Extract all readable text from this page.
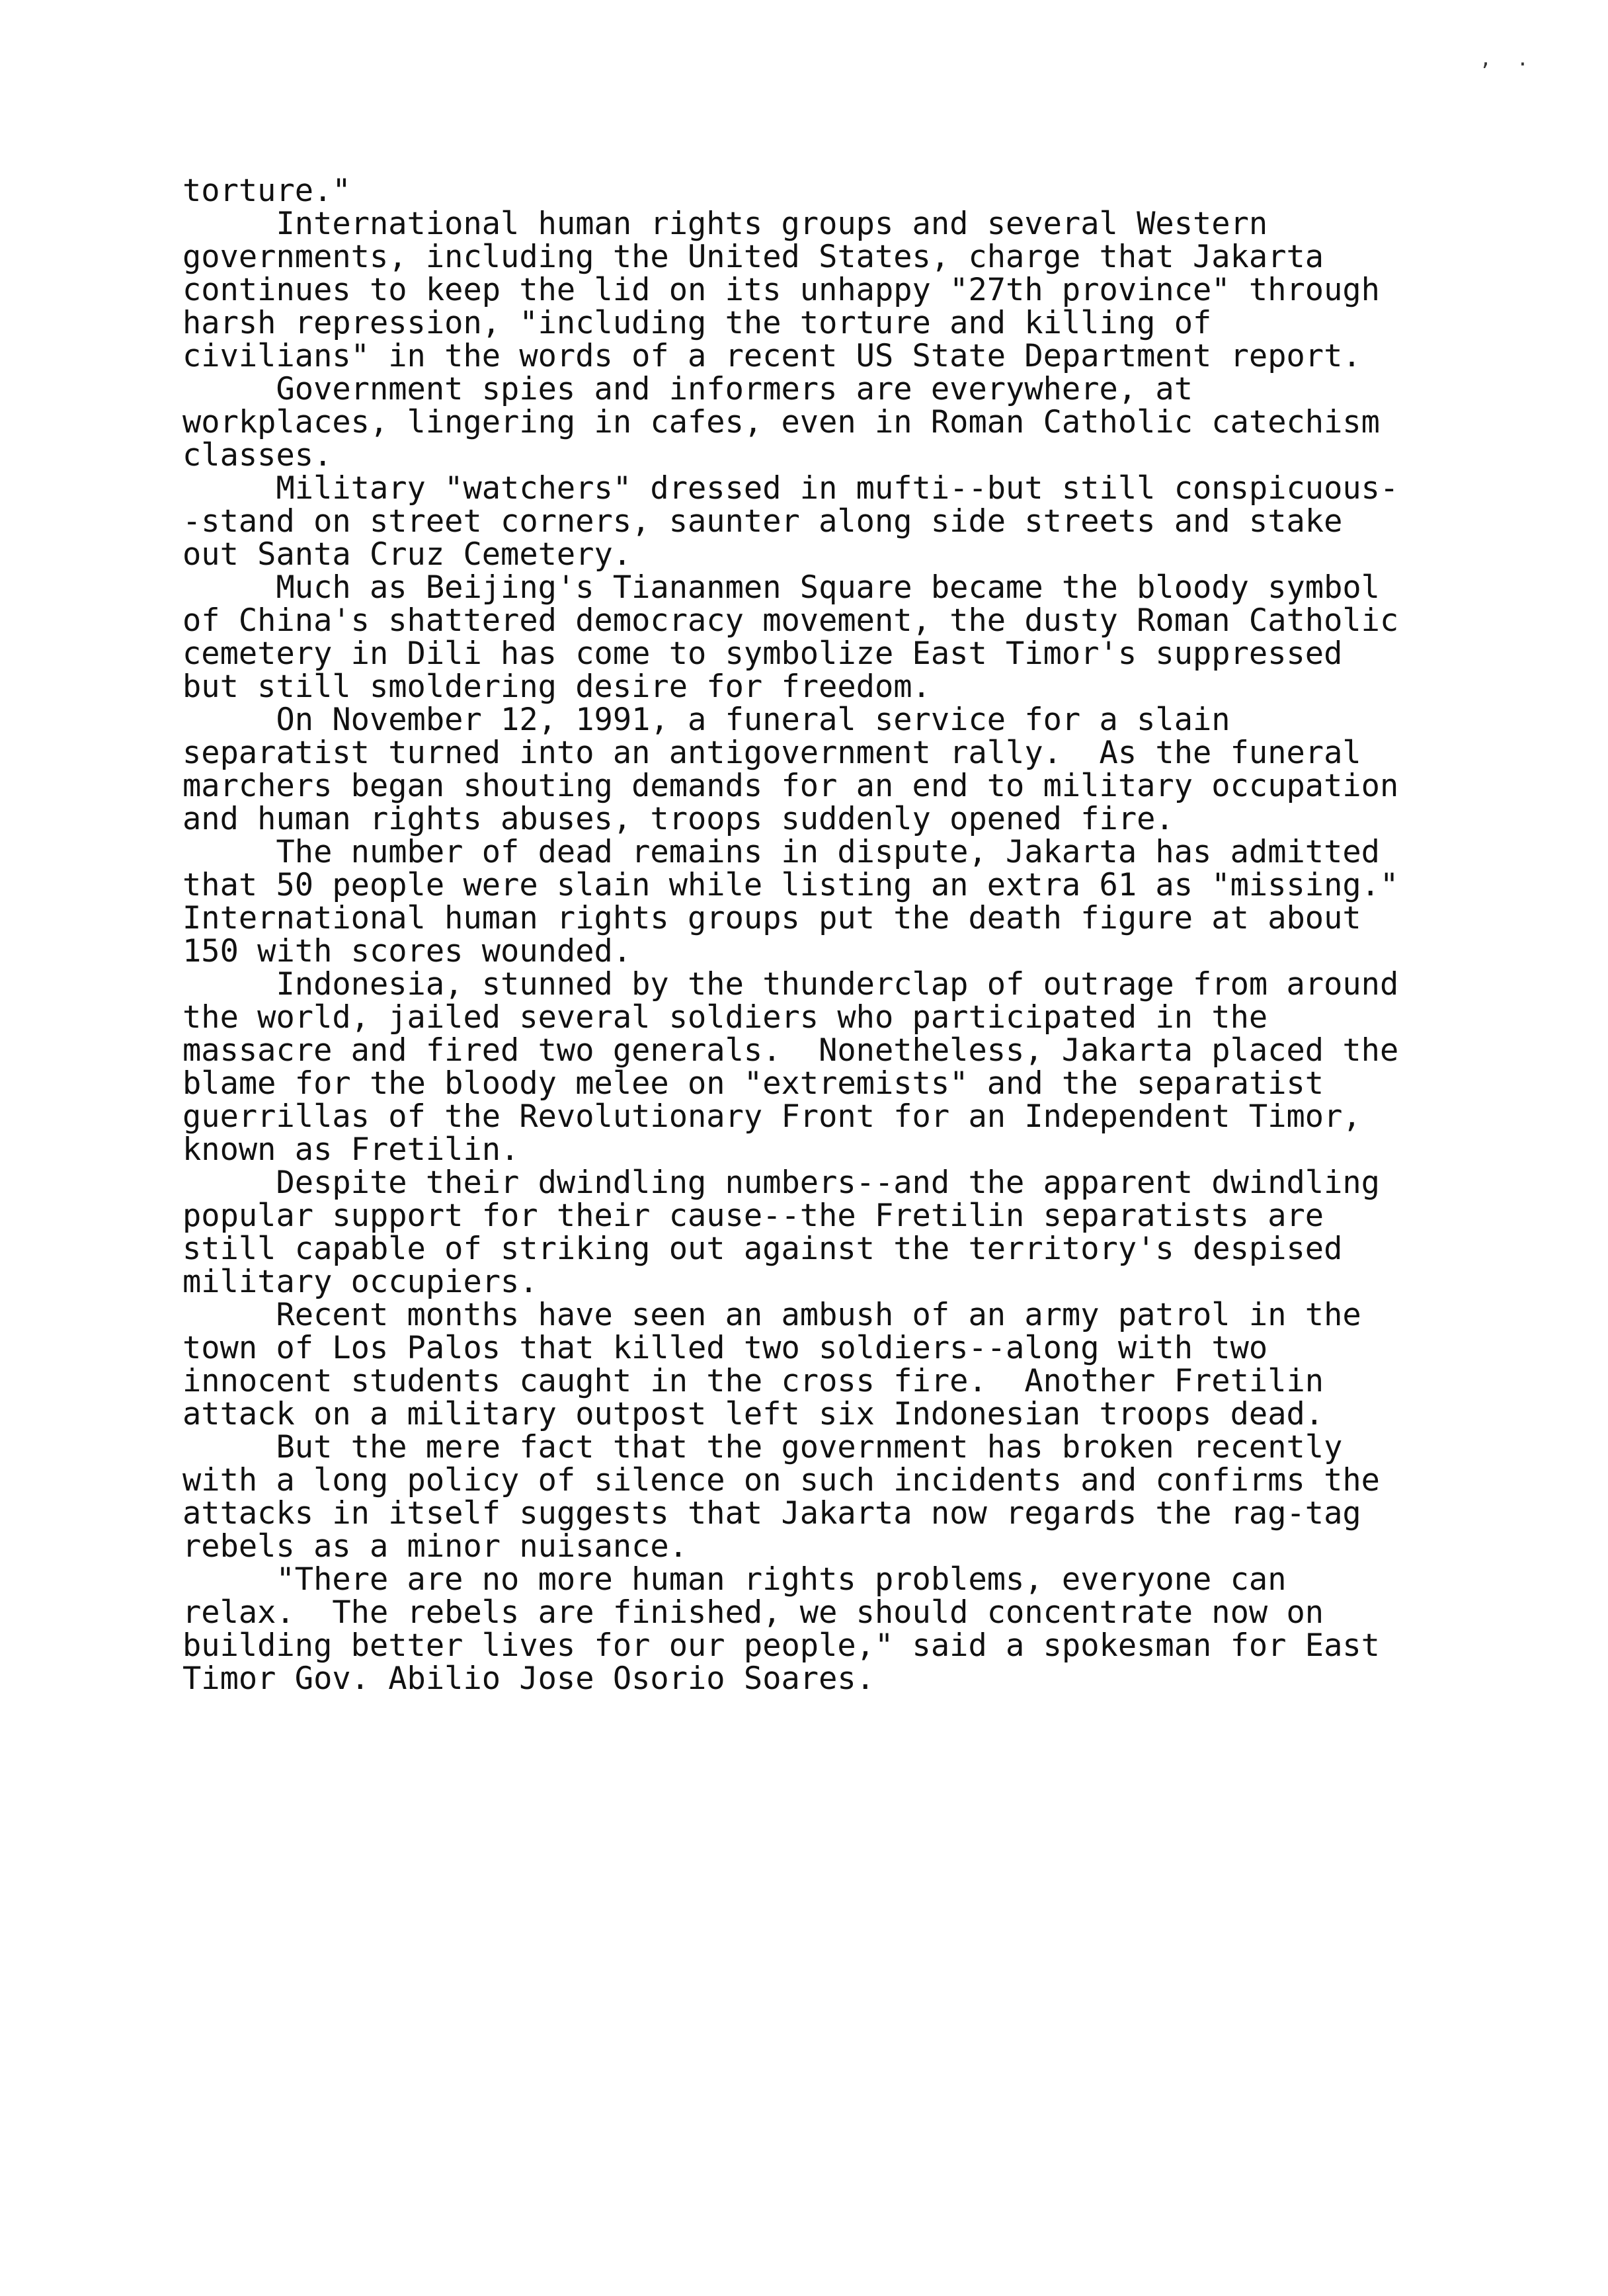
, .
torture."
International human rights groups and several Western
governments, including the United States, charge that Jakarta
continues to keep the lid on its unhappy "27th province" through
harsh repression, "including the torture and killing of
civilians" in the words of a recent US State Department report.
Government spies and informers are everywhere, at
workplaces, lingering in cafes, even in Roman Catholic catechism
classes.
Military "watchers" dressed in mufti--but still conspicuous-
-stand on street corners, saunter along side streets and stake
out Santa Cruz Cemetery.
Much as Beijing's Tiananmen Square became the bloody symbol
of China's shattered democracy movement, the dusty Roman Catholic
cemetery in Dili has come to symbolize East Timor's suppressed
but still smoldering desire for freedom.
On November 12, 1991, a funeral service for a slain
separatist turned into an antigovernment rally.  As the funeral
marchers began shouting demands for an end to military occupation
and human rights abuses, troops suddenly opened fire.
The number of dead remains in dispute, Jakarta has admitted
that 50 people were slain while listing an extra 61 as "missing."
International human rights groups put the death figure at about
150 with scores wounded.
Indonesia, stunned by the thunderclap of outrage from around
the world, jailed several soldiers who participated in the
massacre and fired two generals.  Nonetheless, Jakarta placed the
blame for the bloody melee on "extremists" and the separatist
guerrillas of the Revolutionary Front for an Independent Timor,
known as Fretilin.
Despite their dwindling numbers--and the apparent dwindling
popular support for their cause--the Fretilin separatists are
still capable of striking out against the territory's despised
military occupiers.
Recent months have seen an ambush of an army patrol in the
town of Los Palos that killed two soldiers--along with two
innocent students caught in the cross fire.  Another Fretilin
attack on a military outpost left six Indonesian troops dead.
But the mere fact that the government has broken recently
with a long policy of silence on such incidents and confirms the
attacks in itself suggests that Jakarta now regards the rag-tag
rebels as a minor nuisance.
"There are no more human rights problems, everyone can
relax.  The rebels are finished, we should concentrate now on
building better lives for our people," said a spokesman for East
Timor Gov. Abilio Jose Osorio Soares.
